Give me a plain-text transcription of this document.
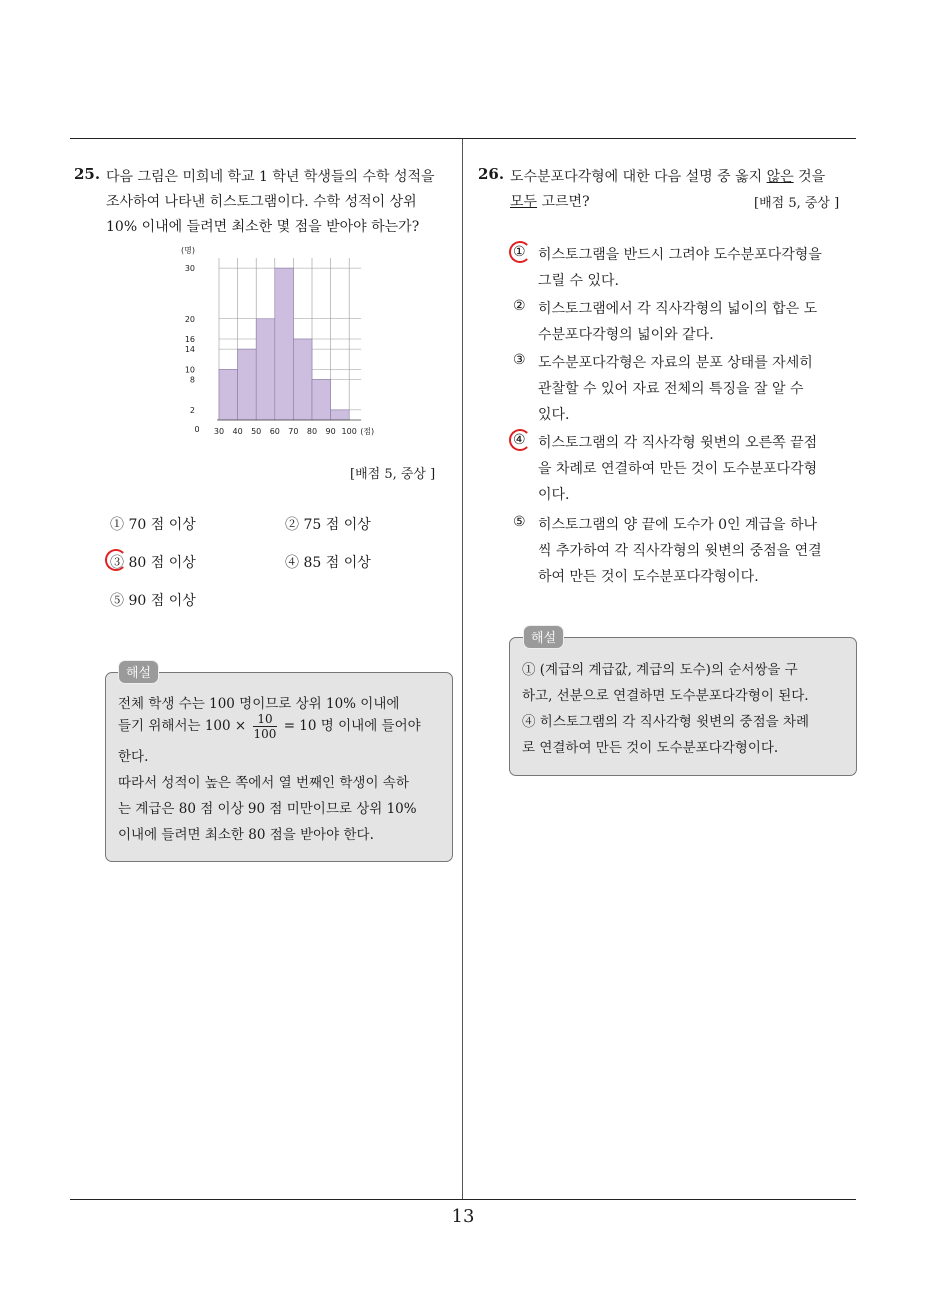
13
25. 다음 그림은 미희네 학교 1 학년 학생들의 수학 성적을
조사하여 나타낸 히스토그램이다. 수학 성적이 상위
10% 이내에 들려면 최소한 몇 점을 받아야 하는가?
2
8
10
14
16
20
30
(명)
0 30 40 50 60 70 80 90 100 (점)
[배점 5, 중상 ]
① 70 점 이상	② 75 점 이상
③ 80 점 이상	④ 85 점 이상
⑤ 90 점 이상
해설
전체 학생 수는 100 명이므로 상위 10% 이내에
들기 위해서는 $100 \times \frac{10}{100} = 10$ 명 이내에 들어야
한다.
따라서 성적이 높은 쪽에서 열 번째인 학생이 속하
는 계급은 80 점 이상 90 점 미만이므로 상위 10%
이내에 들려면 최소한 80 점을 받아야 한다.
26. 도수분포다각형에 대한 다음 설명 중 옳지 않은 것을
모두 고르면?	[배점 5, 중상 ]
① 히스토그램을 반드시 그려야 도수분포다각형을
그릴 수 있다.
② 히스토그램에서 각 직사각형의 넓이의 합은 도
수분포다각형의 넓이와 같다.
③ 도수분포다각형은 자료의 분포 상태를 자세히
관찰할 수 있어 자료 전체의 특징을 잘 알 수
있다.
④ 히스토그램의 각 직사각형 윗변의 오른쪽 끝점
을 차례로 연결하여 만든 것이 도수분포다각형
이다.
⑤ 히스토그램의 양 끝에 도수가 0인 계급을 하나
씩 추가하여 각 직사각형의 윗변의 중점을 연결
하여 만든 것이 도수분포다각형이다.
해설
① (계급의 계급값, 계급의 도수)의 순서쌍을 구
하고, 선분으로 연결하면 도수분포다각형이 된다.
④ 히스토그램의 각 직사각형 윗변의 중점을 차례
로 연결하여 만든 것이 도수분포다각형이다.
